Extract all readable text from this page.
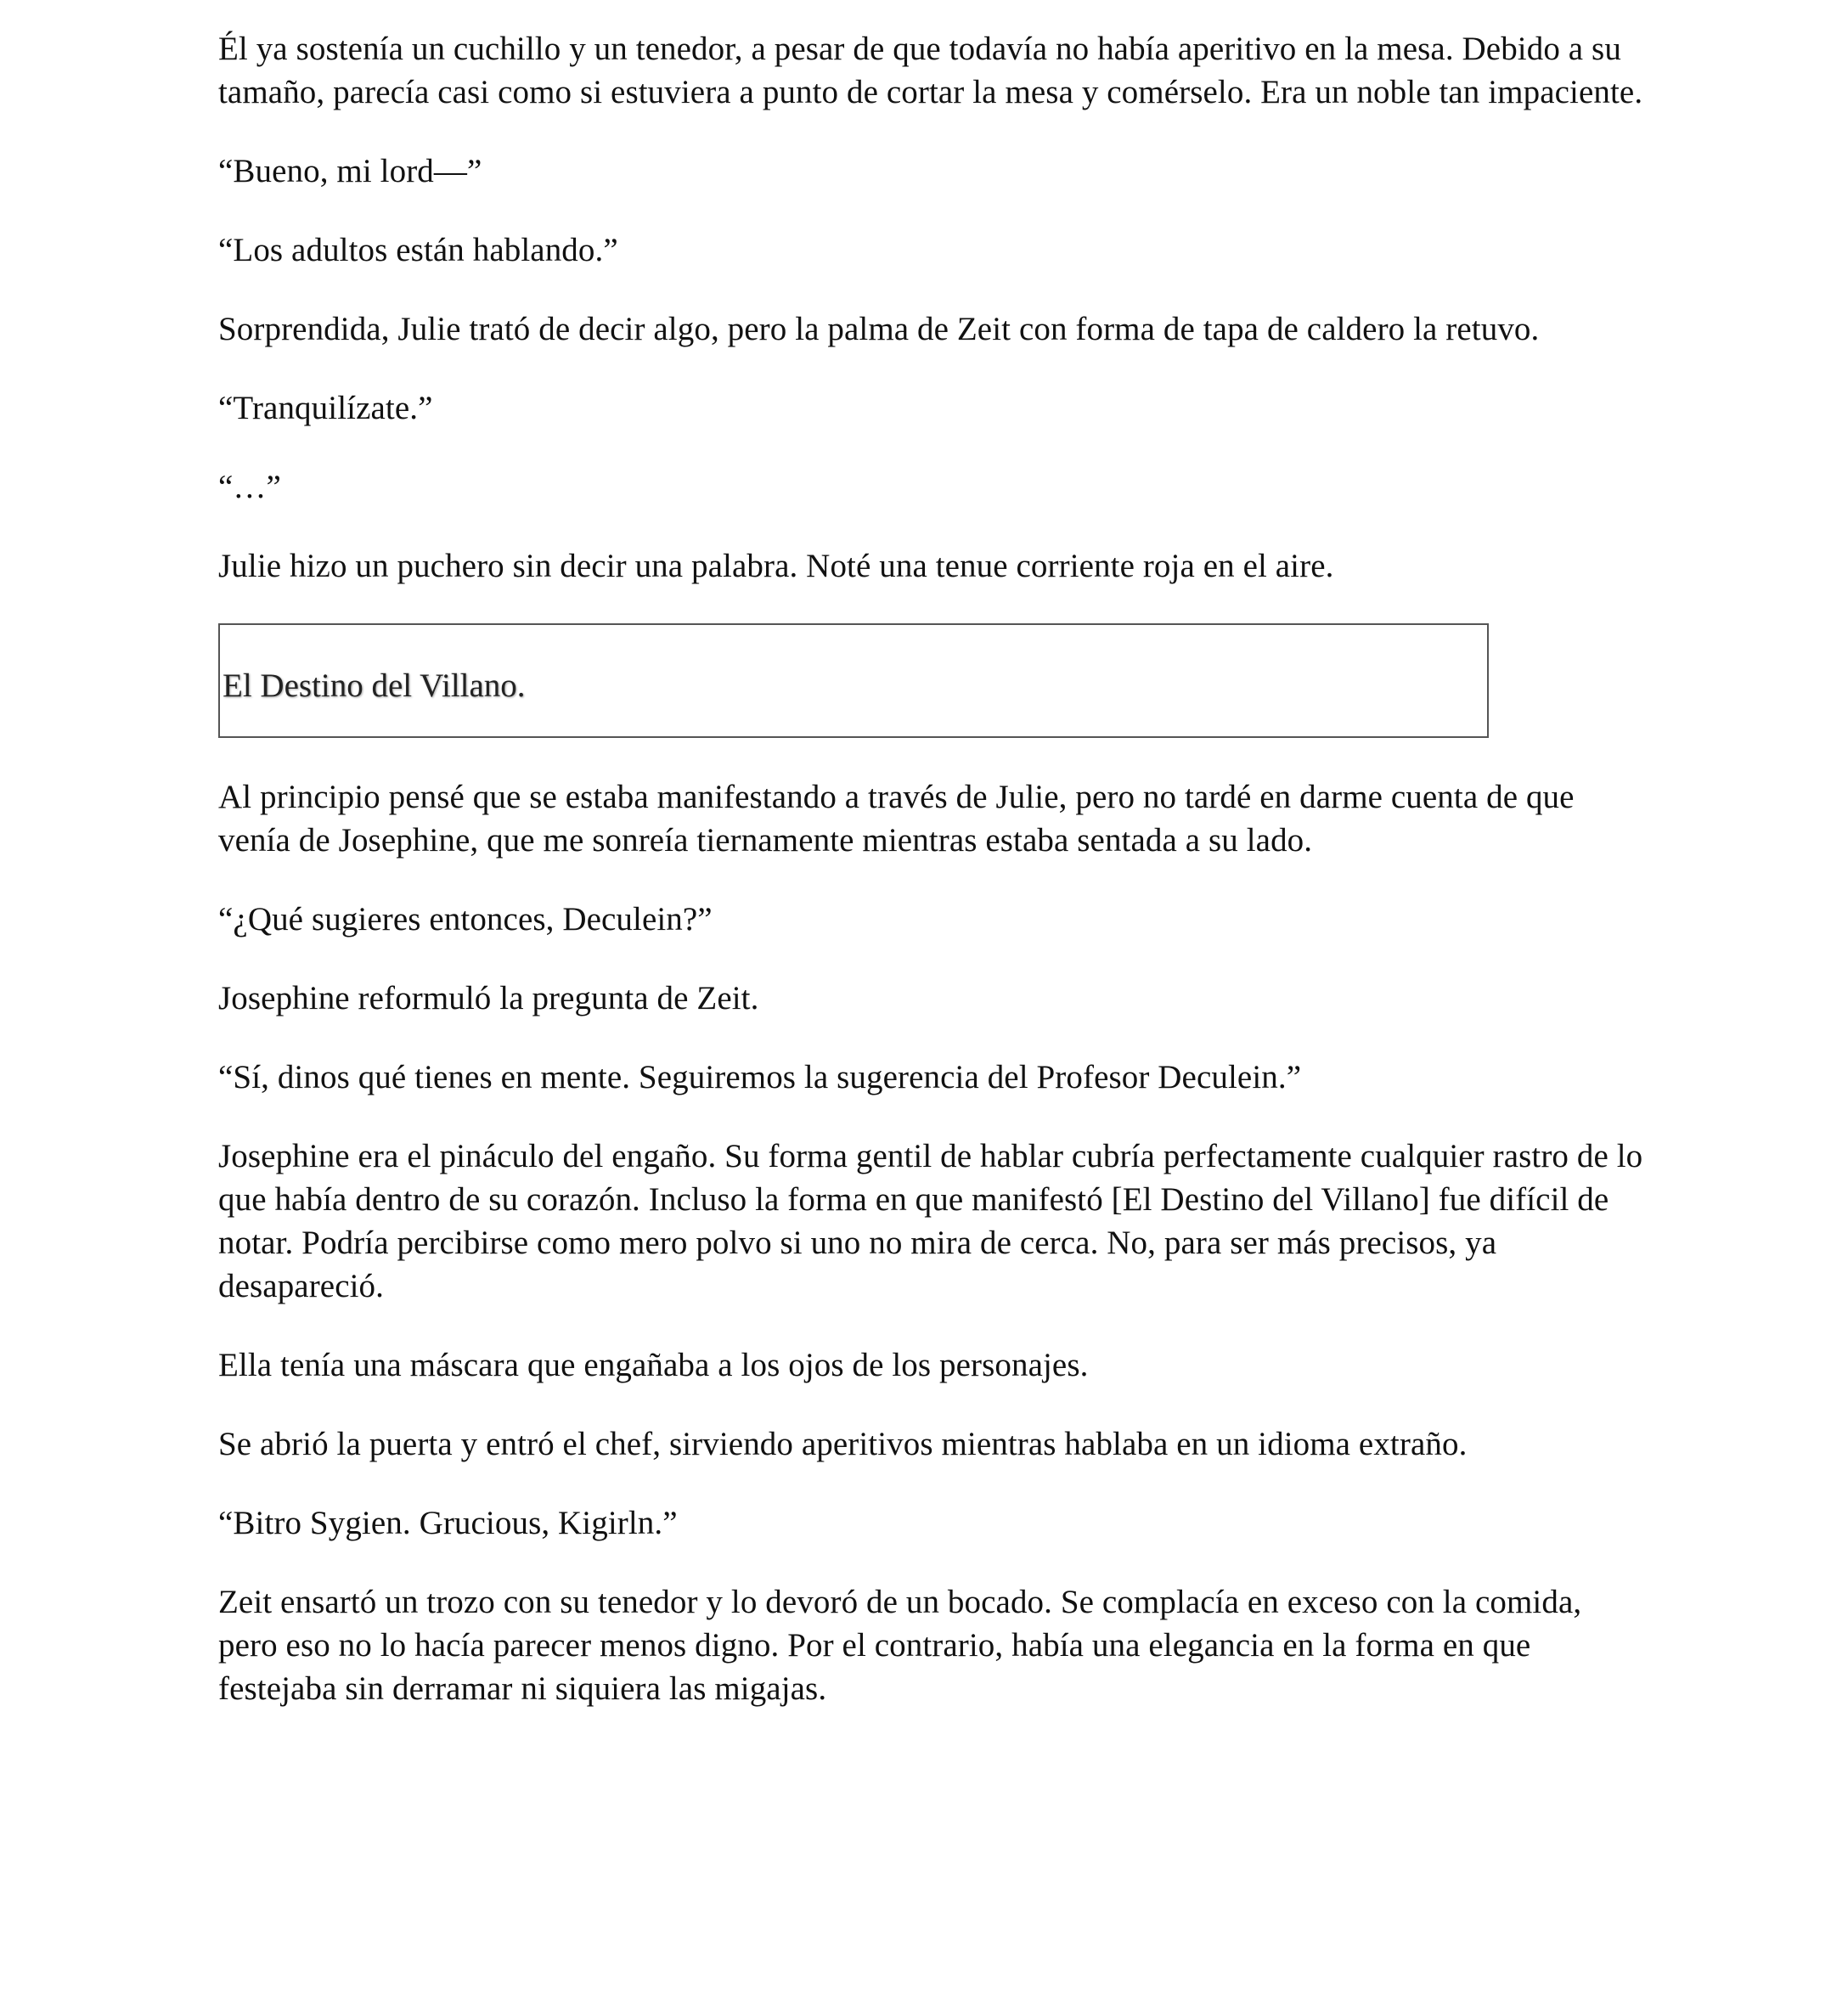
Él ya sostenía un cuchillo y un tenedor, a pesar de que todavía no había aperitivo en la mesa. Debido a su tamaño, parecía casi como si estuviera a punto de cortar la mesa y comérselo. Era un noble tan impaciente.

“Bueno, mi lord—”

“Los adultos están hablando.”

Sorprendida, Julie trató de decir algo, pero la palma de Zeit con forma de tapa de caldero la retuvo.

“Tranquilízate.”

“…”

Julie hizo un puchero sin decir una palabra. Noté una tenue corriente roja en el aire.

El Destino del Villano.

Al principio pensé que se estaba manifestando a través de Julie, pero no tardé en darme cuenta de que venía de Josephine, que me sonreía tiernamente mientras estaba sentada a su lado.

“¿Qué sugieres entonces, Deculein?”

Josephine reformuló la pregunta de Zeit.

“Sí, dinos qué tienes en mente. Seguiremos la sugerencia del Profesor Deculein.”

Josephine era el pináculo del engaño. Su forma gentil de hablar cubría perfectamente cualquier rastro de lo que había dentro de su corazón. Incluso la forma en que manifestó [El Destino del Villano] fue difícil de notar. Podría percibirse como mero polvo si uno no mira de cerca. No, para ser más precisos, ya desapareció.

Ella tenía una máscara que engañaba a los ojos de los personajes.

Se abrió la puerta y entró el chef, sirviendo aperitivos mientras hablaba en un idioma extraño.

“Bitro Sygien. Grucious, Kigirln.”

Zeit ensartó un trozo con su tenedor y lo devoró de un bocado. Se complacía en exceso con la comida, pero eso no lo hacía parecer menos digno. Por el contrario, había una elegancia en la forma en que festejaba sin derramar ni siquiera las migajas.
